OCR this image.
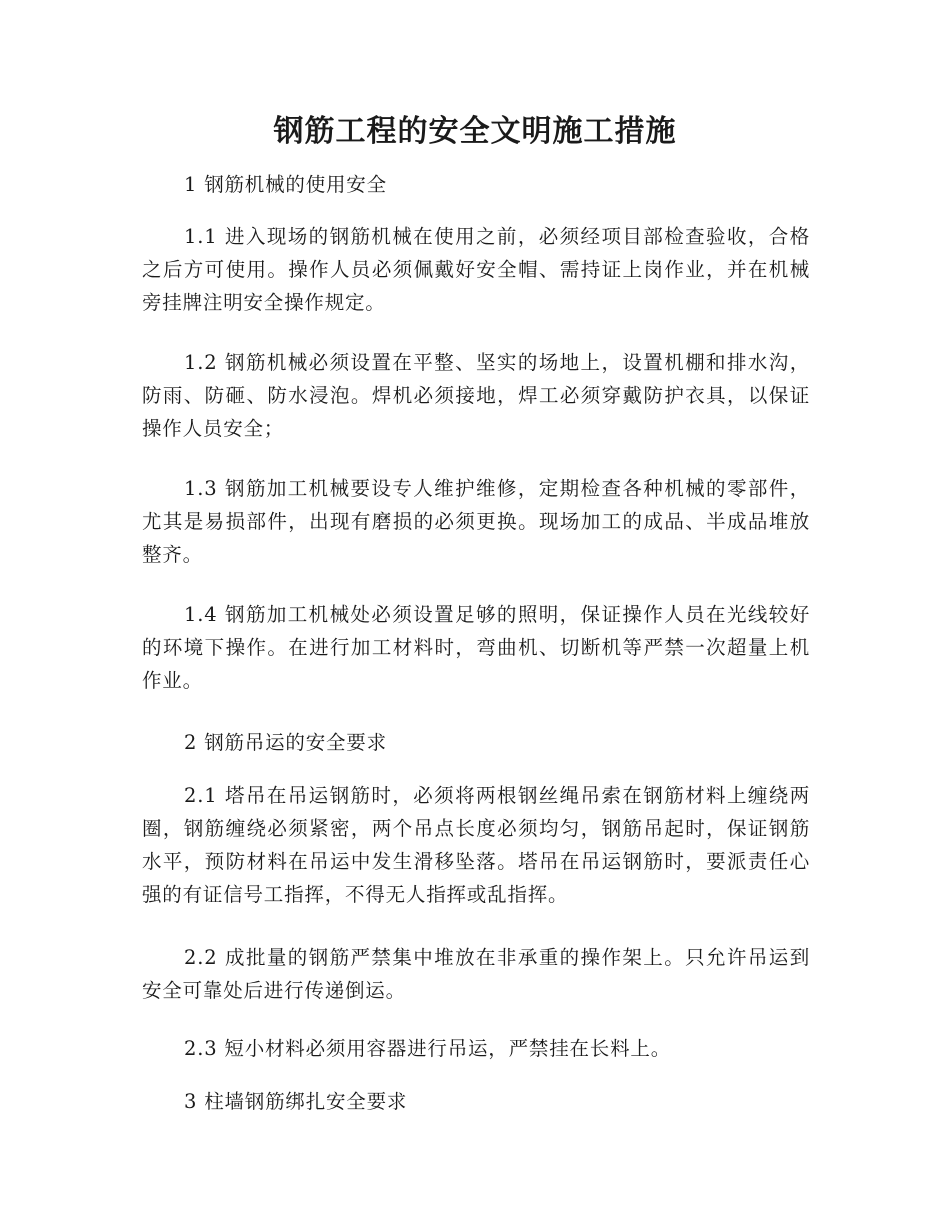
钢筋工程的安全文明施工措施

1 钢筋机械的使用安全

1.1 进入现场的钢筋机械在使用之前，必须经项目部检查验收，合格之后方可使用。操作人员必须佩戴好安全帽、需持证上岗作业，并在机械旁挂牌注明安全操作规定。

1.2 钢筋机械必须设置在平整、坚实的场地上，设置机棚和排水沟，防雨、防砸、防水浸泡。焊机必须接地，焊工必须穿戴防护衣具，以保证操作人员安全；

1.3 钢筋加工机械要设专人维护维修，定期检查各种机械的零部件，尤其是易损部件，出现有磨损的必须更换。现场加工的成品、半成品堆放整齐。

1.4 钢筋加工机械处必须设置足够的照明，保证操作人员在光线较好的环境下操作。在进行加工材料时，弯曲机、切断机等严禁一次超量上机作业。

2 钢筋吊运的安全要求

2.1 塔吊在吊运钢筋时，必须将两根钢丝绳吊索在钢筋材料上缠绕两圈，钢筋缠绕必须紧密，两个吊点长度必须均匀，钢筋吊起时，保证钢筋水平，预防材料在吊运中发生滑移坠落。塔吊在吊运钢筋时，要派责任心强的有证信号工指挥，不得无人指挥或乱指挥。

2.2 成批量的钢筋严禁集中堆放在非承重的操作架上。只允许吊运到安全可靠处后进行传递倒运。

2.3 短小材料必须用容器进行吊运，严禁挂在长料上。

3 柱墙钢筋绑扎安全要求
